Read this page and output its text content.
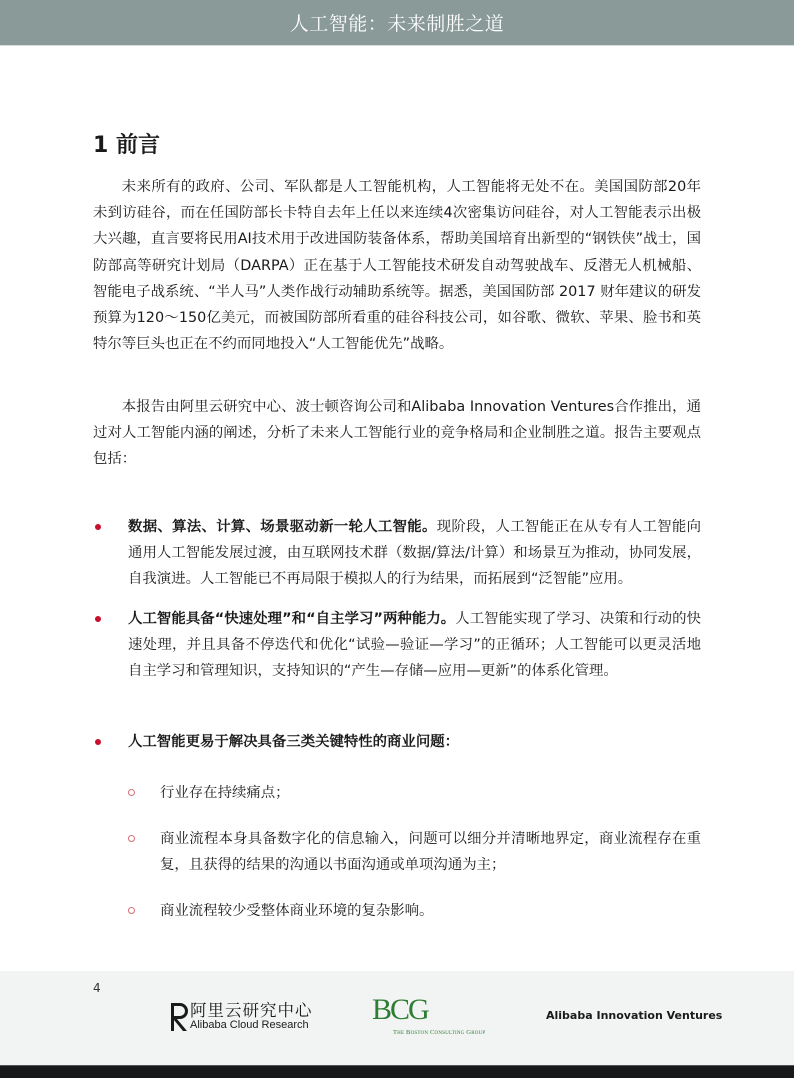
人工智能：未来制胜之道
1 前言

未来所有的政府、公司、军队都是人工智能机构，人工智能将无处不在。美国国防部20年未到访硅谷，而在任国防部长卡特自去年上任以来连续4次密集访问硅谷，对人工智能表示出极大兴趣，直言要将民用AI技术用于改进国防装备体系，帮助美国培育出新型的“钢铁侠”战士，国防部高等研究计划局（DARPA）正在基于人工智能技术研发自动驾驶战车、反潜无人机械船、智能电子战系统、“半人马”人类作战行动辅助系统等。据悉，美国国防部 2017 财年建议的研发预算为120～150亿美元，而被国防部所看重的硅谷科技公司，如谷歌、微软、苹果、脸书和英特尔等巨头也正在不约而同地投入“人工智能优先”战略。

本报告由阿里云研究中心、波士顿咨询公司和Alibaba Innovation Ventures合作推出，通过对人工智能内涵的阐述，分析了未来人工智能行业的竞争格局和企业制胜之道。报告主要观点包括：

数据、算法、计算、场景驱动新一轮人工智能。现阶段，人工智能正在从专有人工智能向通用人工智能发展过渡，由互联网技术群（数据/算法/计算）和场景互为推动，协同发展，自我演进。人工智能已不再局限于模拟人的行为结果，而拓展到“泛智能”应用。
人工智能具备“快速处理”和“自主学习”两种能力。人工智能实现了学习、决策和行动的快速处理，并且具备不停迭代和优化“试验—验证—学习”的正循环；人工智能可以更灵活地自主学习和管理知识，支持知识的“产生—存储—应用—更新”的体系化管理。
人工智能更易于解决具备三类关键特性的商业问题：
行业存在持续痛点；
商业流程本身具备数字化的信息输入，问题可以细分并清晰地界定，商业流程存在重复，且获得的结果的沟通以书面沟通或单项沟通为主；
商业流程较少受整体商业环境的复杂影响。
4
阿里云研究中心
Alibaba Cloud Research BCG
The Boston Consulting Group
Alibaba Innovation Ventures
